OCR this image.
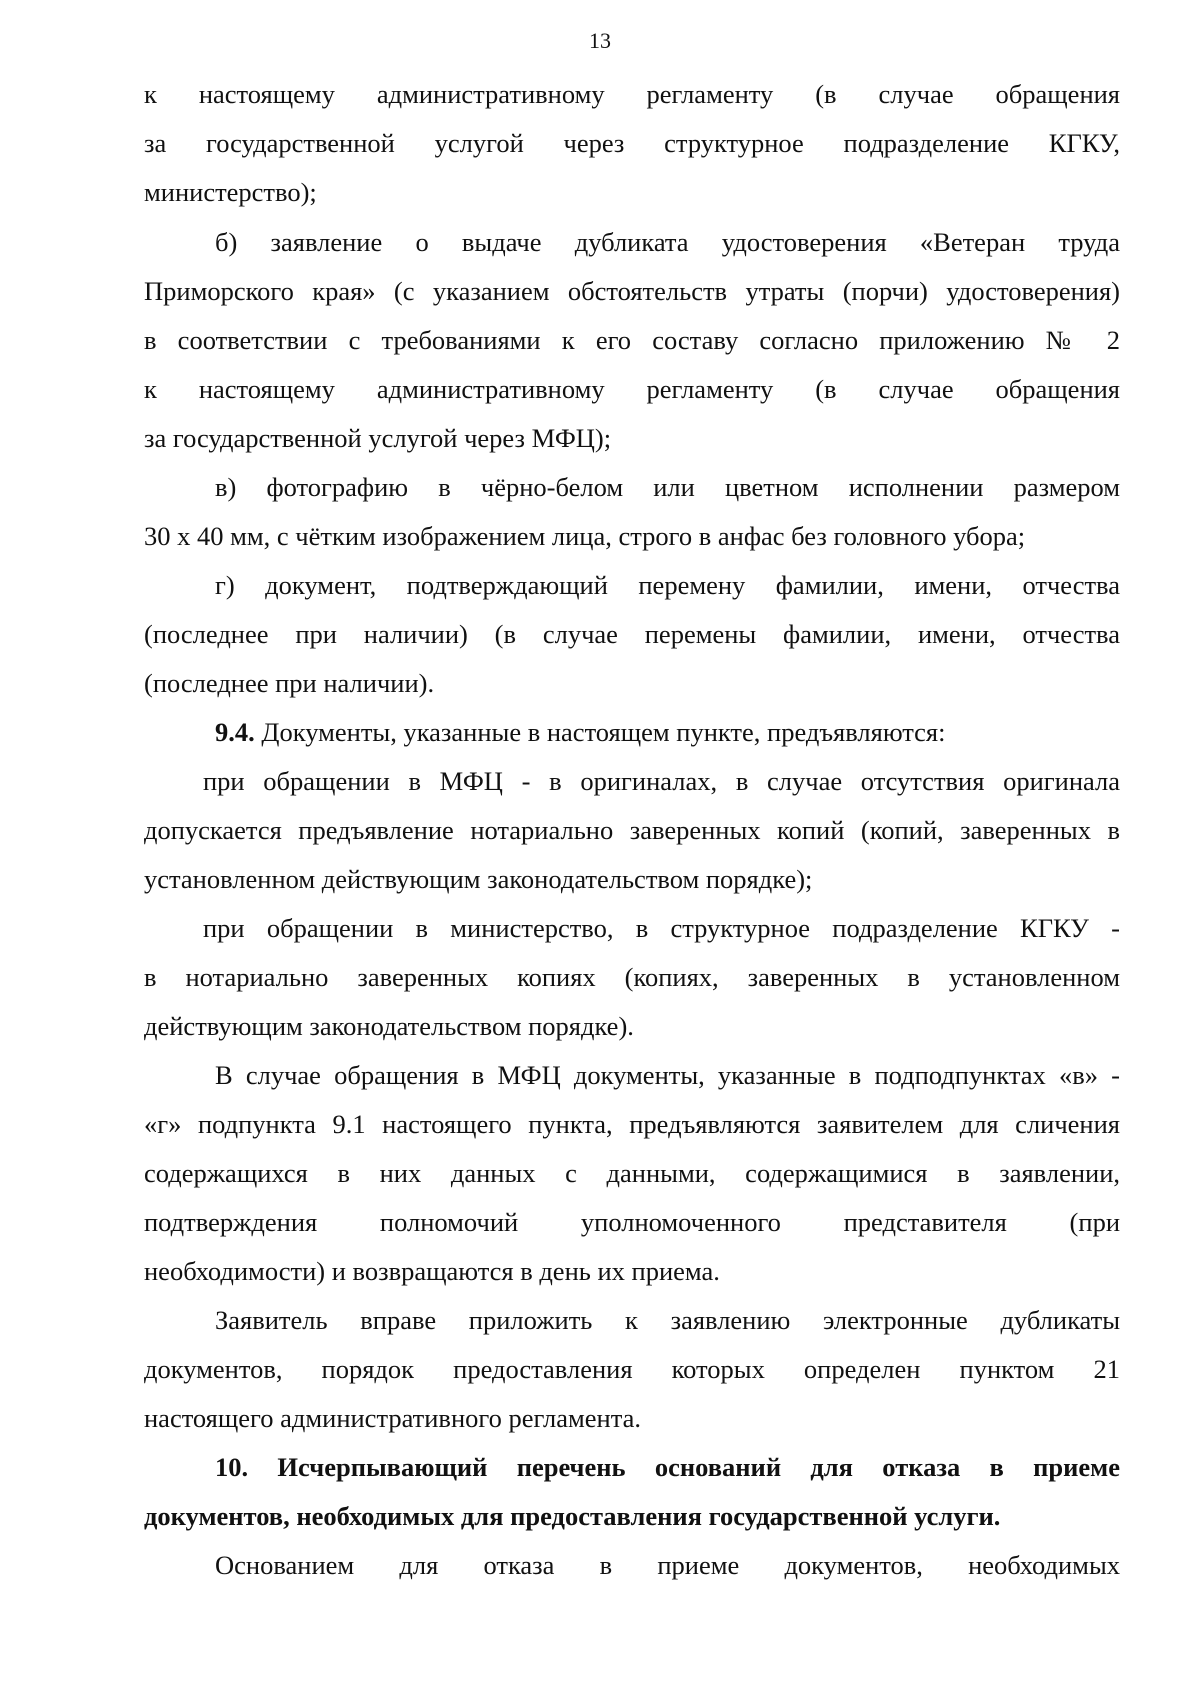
13
к настоящему административному регламенту (в случае обращения
за государственной услугой через структурное подразделение КГКУ,
министерство);
б) заявление о выдаче дубликата удостоверения «Ветеран труда
Приморского края» (с указанием обстоятельств утраты (порчи) удостоверения)
в соответствии с требованиями к его составу согласно приложению № 2
к настоящему административному регламенту (в случае обращения
за государственной услугой через МФЦ);
в) фотографию в чёрно-белом или цветном исполнении размером
30 х 40 мм, с чётким изображением лица, строго в анфас без головного убора;
г) документ, подтверждающий перемену фамилии, имени, отчества
(последнее при наличии) (в случае перемены фамилии, имени, отчества
(последнее при наличии).
9.4. Документы, указанные в настоящем пункте, предъявляются:
при обращении в МФЦ - в оригиналах, в случае отсутствия оригинала
допускается предъявление нотариально заверенных копий (копий, заверенных в
установленном действующим законодательством порядке);
при обращении в министерство, в структурное подразделение КГКУ -
в нотариально заверенных копиях (копиях, заверенных в установленном
действующим законодательством порядке).
В случае обращения в МФЦ документы, указанные в подподпунктах «в» -
«г» подпункта 9.1 настоящего пункта, предъявляются заявителем для сличения
содержащихся в них данных с данными, содержащимися в заявлении,
подтверждения полномочий уполномоченного представителя (при
необходимости) и возвращаются в день их приема.
Заявитель вправе приложить к заявлению электронные дубликаты
документов, порядок предоставления которых определен пунктом 21
настоящего административного регламента.
10. Исчерпывающий перечень оснований для отказа в приеме
документов, необходимых для предоставления государственной услуги.
Основанием для отказа в приеме документов, необходимых
